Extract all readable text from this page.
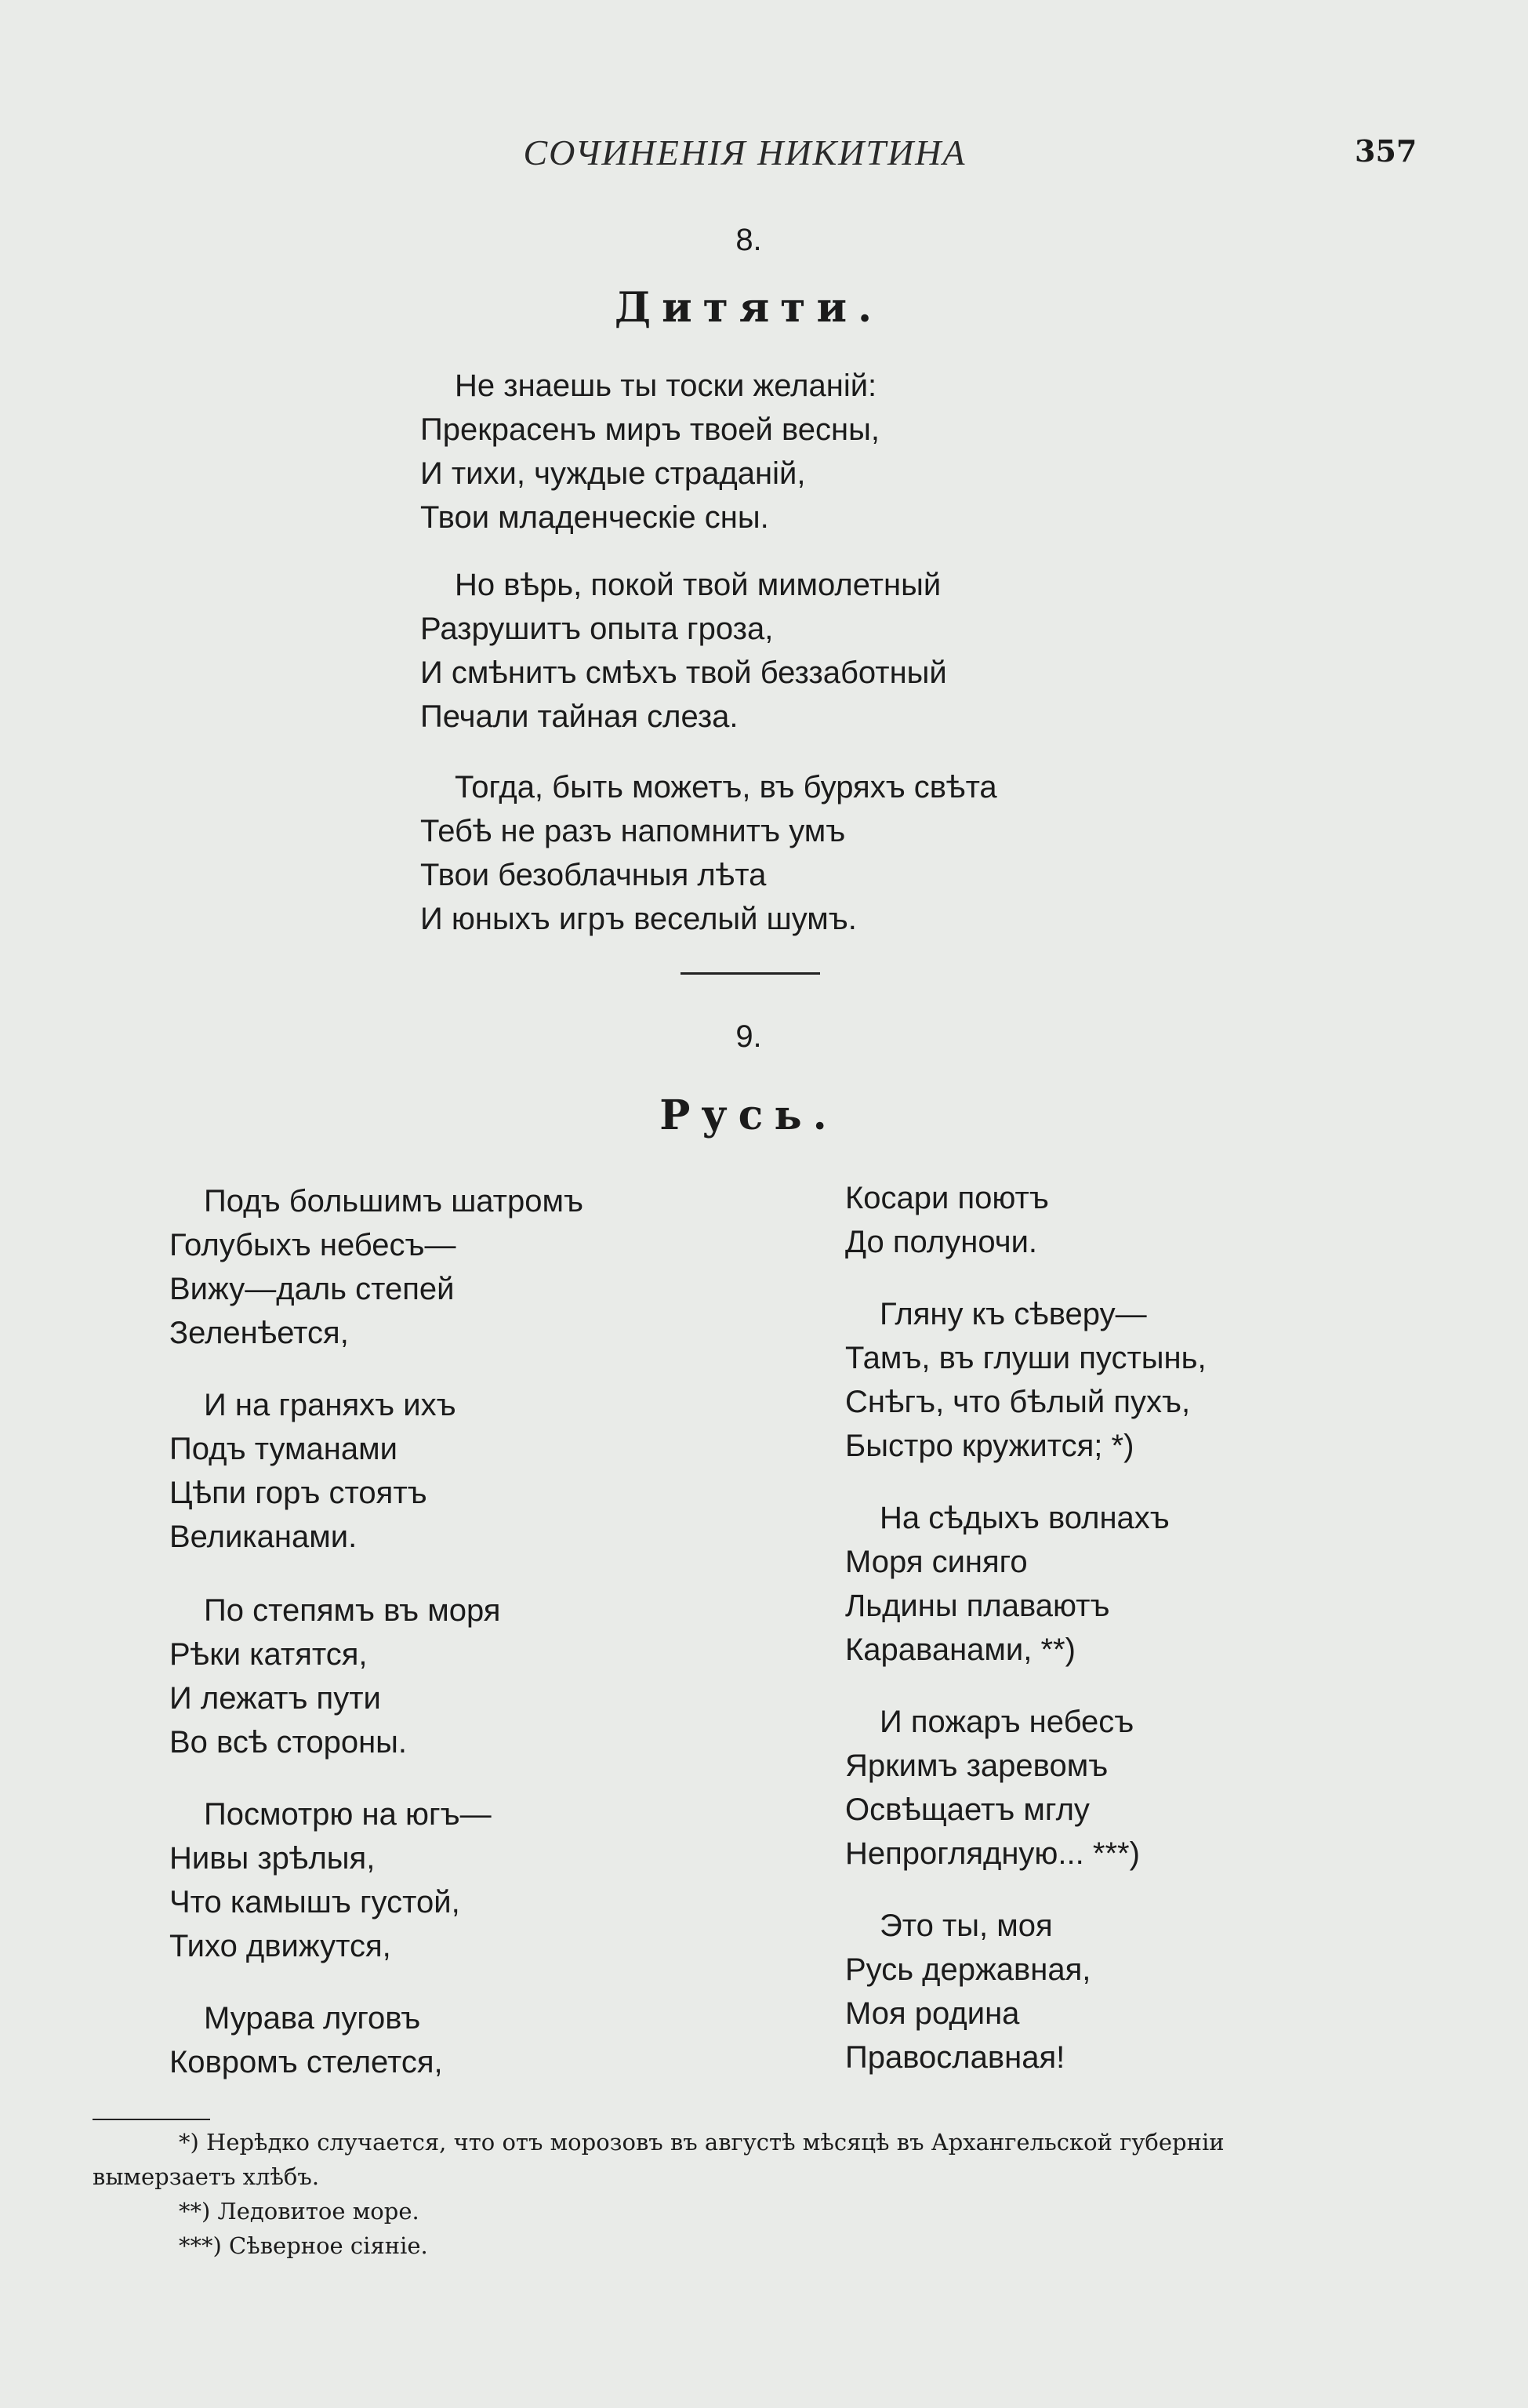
СОЧИНЕНІЯ НИКИТИНА	357
8.
Дитяти.
Не знаешь ты тоски желаній:
Прекрасенъ миръ твоей весны,
И тихи, чуждые страданій,
Твои младенческіе сны.
Но вѣрь, покой твой мимолетный
Разрушитъ опыта гроза,
И смѣнитъ смѣхъ твой беззаботный
Печали тайная слеза.
Тогда, быть можетъ, въ буряхъ свѣта
Тебѣ не разъ напомнитъ умъ
Твои безоблачныя лѣта
И юныхъ игръ веселый шумъ.
9.
Русь.
Подъ большимъ шатромъ
Голубыхъ небесъ—
Вижу—даль степей
Зеленѣется,
И на граняхъ ихъ
Подъ туманами
Цѣпи горъ стоятъ
Великанами.
По степямъ въ моря
Рѣки катятся,
И лежатъ пути
Во всѣ стороны.
Посмотрю на югъ—
Нивы зрѣлыя,
Что камышъ густой,
Тихо движутся,
Мурава луговъ
Ковромъ стелется,
Косари поютъ
До полуночи.
Гляну къ сѣверу—
Тамъ, въ глуши пустынь,
Снѣгъ, что бѣлый пухъ,
Быстро кружится; *)
На сѣдыхъ волнахъ
Моря синяго
Льдины плаваютъ
Караванами, **)
И пожаръ небесъ
Яркимъ заревомъ
Освѣщаетъ мглу
Непроглядную... ***)
Это ты, моя
Русь державная,
Моя родина
Православная!
*) Нерѣдко случается, что отъ морозовъ въ августѣ мѣсяцѣ въ Архангельской губерніи
вымерзаетъ хлѣбъ.
**) Ледовитое море.
***) Сѣверное сіяніе.
